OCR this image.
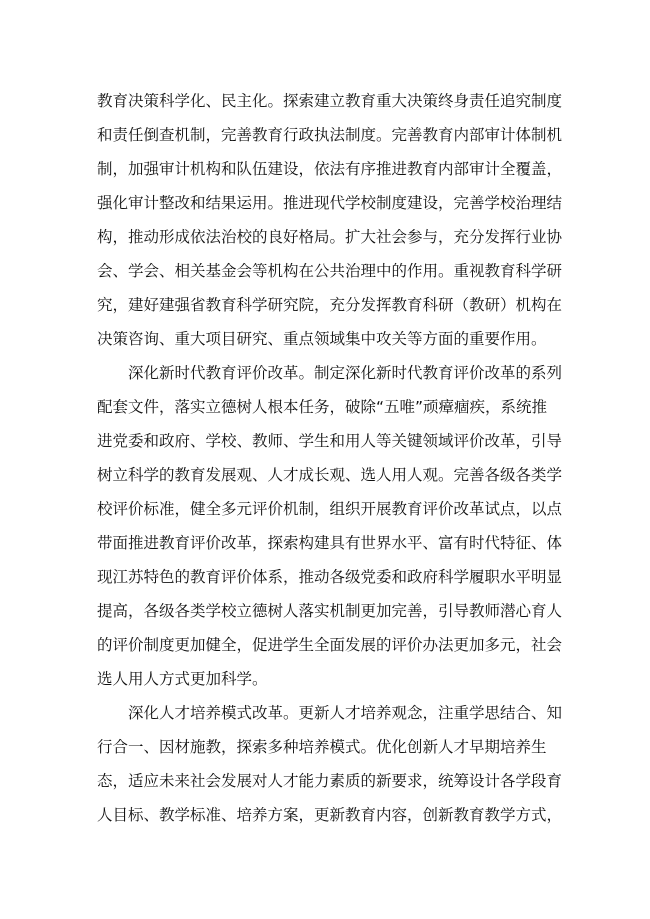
教育决策科学化、民主化。探索建立教育重大决策终身责任追究制度
和责任倒查机制，完善教育行政执法制度。完善教育内部审计体制机
制，加强审计机构和队伍建设，依法有序推进教育内部审计全覆盖，
强化审计整改和结果运用。推进现代学校制度建设，完善学校治理结
构，推动形成依法治校的良好格局。扩大社会参与，充分发挥行业协
会、学会、相关基金会等机构在公共治理中的作用。重视教育科学研
究，建好建强省教育科学研究院，充分发挥教育科研（教研）机构在
决策咨询、重大项目研究、重点领域集中攻关等方面的重要作用。
深化新时代教育评价改革。制定深化新时代教育评价改革的系列
配套文件，落实立德树人根本任务，破除“五唯”顽瘴痼疾，系统推
进党委和政府、学校、教师、学生和用人等关键领域评价改革，引导
树立科学的教育发展观、人才成长观、选人用人观。完善各级各类学
校评价标准，健全多元评价机制，组织开展教育评价改革试点，以点
带面推进教育评价改革，探索构建具有世界水平、富有时代特征、体
现江苏特色的教育评价体系，推动各级党委和政府科学履职水平明显
提高，各级各类学校立德树人落实机制更加完善，引导教师潜心育人
的评价制度更加健全，促进学生全面发展的评价办法更加多元，社会
选人用人方式更加科学。
深化人才培养模式改革。更新人才培养观念，注重学思结合、知
行合一、因材施教，探索多种培养模式。优化创新人才早期培养生
态，适应未来社会发展对人才能力素质的新要求，统筹设计各学段育
人目标、教学标准、培养方案，更新教育内容，创新教育教学方式，
